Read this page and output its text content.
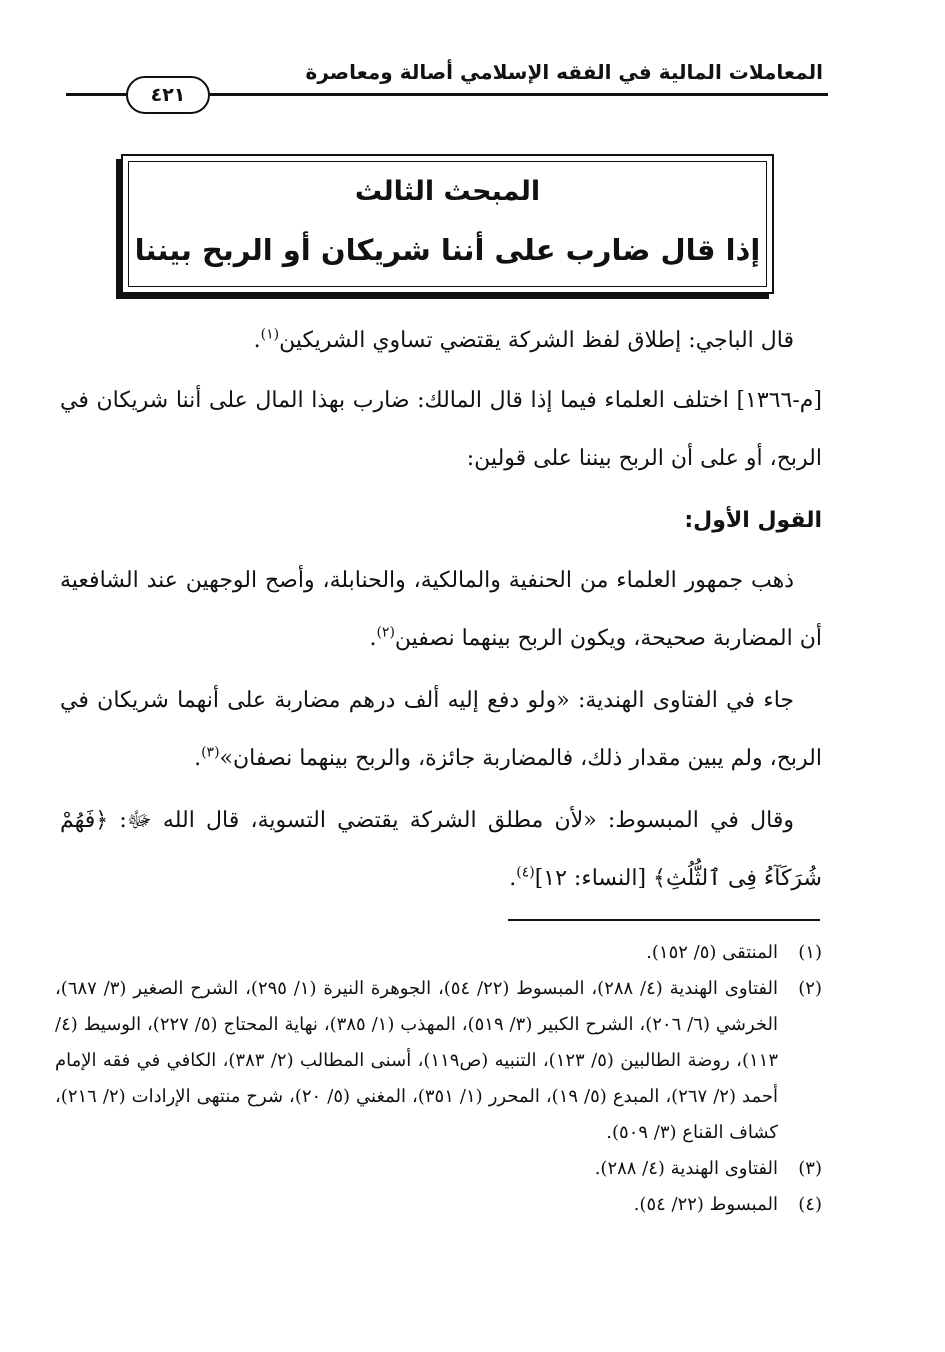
المعاملات المالية في الفقه الإسلامي أصالة ومعاصرة
٤٢١
المبحث الثالث
إذا قال ضارب على أننا شريكان أو الربح بيننا
قال الباجي: إطلاق لفظ الشركة يقتضي تساوي الشريكين$^{(١)}$.
[م-١٣٦٦] اختلف العلماء فيما إذا قال المالك: ضارب بهذا المال على أننا شريكان في الربح، أو على أن الربح بيننا على قولين:
القول الأول:
ذهب جمهور العلماء من الحنفية والمالكية، والحنابلة، وأصح الوجهين عند الشافعية أن المضاربة صحيحة، ويكون الربح بينهما نصفين$^{(٢)}$.
جاء في الفتاوى الهندية: «ولو دفع إليه ألف درهم مضاربة على أنهما شريكان في الربح، ولم يبين مقدار ذلك، فالمضاربة جائزة، والربح بينهما نصفان»$^{(٣)}$.
وقال في المبسوط: «لأن مطلق الشركة يقتضي التسوية، قال الله ﷻ: ﴿فَهُمْ شُرَكَآءُ فِى ٱلثُّلُثِ﴾ [النساء: ١٢]$^{(٤)}$.
(١)
المنتقى (٥/ ١٥٢).
(٢)
الفتاوى الهندية (٤/ ٢٨٨)، المبسوط (٢٢/ ٥٤)، الجوهرة النيرة (١/ ٢٩٥)، الشرح الصغير (٣/ ٦٨٧)، الخرشي (٦/ ٢٠٦)، الشرح الكبير (٣/ ٥١٩)، المهذب (١/ ٣٨٥)، نهاية المحتاج (٥/ ٢٢٧)، الوسيط (٤/ ١١٣)، روضة الطالبين (٥/ ١٢٣)، التنبيه (ص١١٩)، أسنى المطالب (٢/ ٣٨٣)، الكافي في فقه الإمام أحمد (٢/ ٢٦٧)، المبدع (٥/ ١٩)، المحرر (١/ ٣٥١)، المغني (٥/ ٢٠)، شرح منتهى الإرادات (٢/ ٢١٦)، كشاف القناع (٣/ ٥٠٩).
(٣)
الفتاوى الهندية (٤/ ٢٨٨).
(٤)
المبسوط (٢٢/ ٥٤).
